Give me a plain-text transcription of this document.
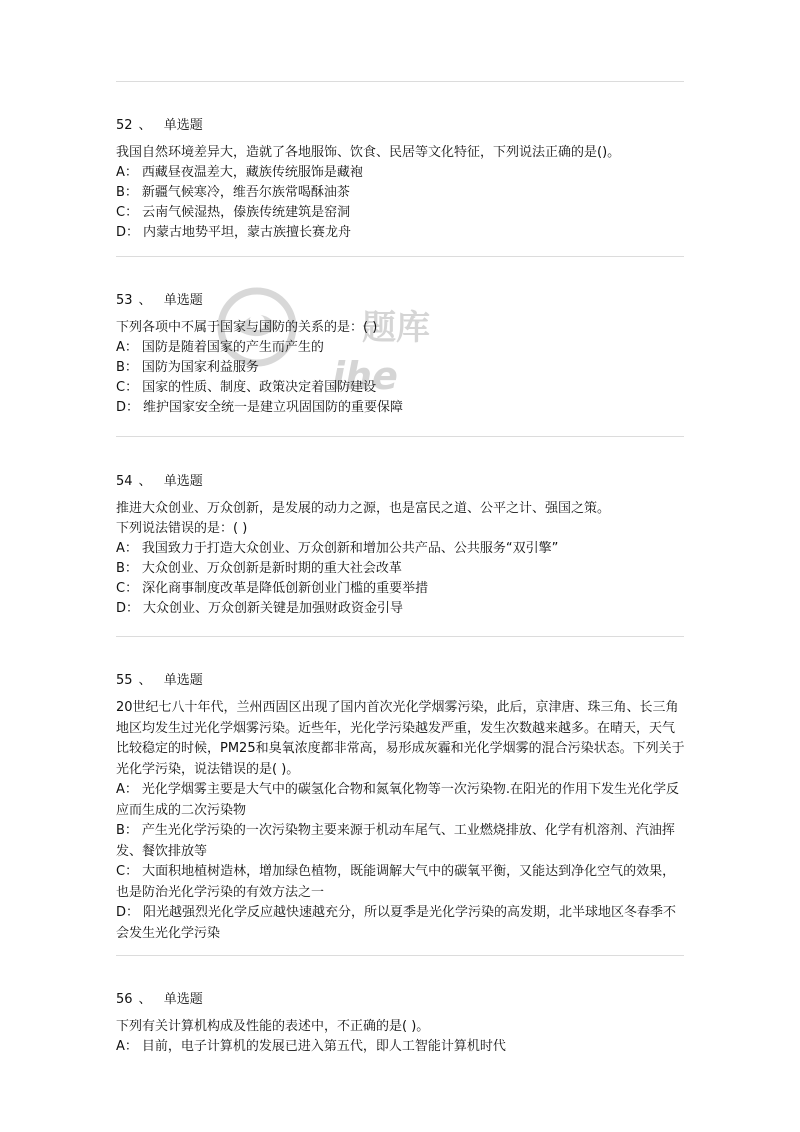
题库
ihe
52 、 单选题
我国自然环境差异大，造就了各地服饰、饮食、民居等文化特征，下列说法正确的是()。
A： 西藏昼夜温差大，藏族传统服饰是藏袍
B： 新疆气候寒冷，维吾尔族常喝酥油茶
C： 云南气候湿热，傣族传统建筑是窑洞
D： 内蒙古地势平坦，蒙古族擅长赛龙舟
53 、 单选题
下列各项中不属于国家与国防的关系的是：( )
A： 国防是随着国家的产生而产生的
B： 国防为国家利益服务
C： 国家的性质、制度、政策决定着国防建设
D： 维护国家安全统一是建立巩固国防的重要保障
54 、 单选题
推进大众创业、万众创新，是发展的动力之源，也是富民之道、公平之计、强国之策。
下列说法错误的是：( )
A： 我国致力于打造大众创业、万众创新和增加公共产品、公共服务“双引擎”
B： 大众创业、万众创新是新时期的重大社会改革
C： 深化商事制度改革是降低创新创业门槛的重要举措
D： 大众创业、万众创新关键是加强财政资金引导
55 、 单选题
20世纪七八十年代，兰州西固区出现了国内首次光化学烟雾污染，此后，京津唐、珠三角、长三角地区均发生过光化学烟雾污染。近些年，光化学污染越发严重，发生次数越来越多。在晴天，天气比较稳定的时候，PM25和臭氧浓度都非常高，易形成灰霾和光化学烟雾的混合污染状态。下列关于光化学污染，说法错误的是( )。
A： 光化学烟雾主要是大气中的碳氢化合物和氮氧化物等一次污染物.在阳光的作用下发生光化学反应而生成的二次污染物
B： 产生光化学污染的一次污染物主要来源于机动车尾气、工业燃烧排放、化学有机溶剂、汽油挥发、餐饮排放等
C： 大面积地植树造林，增加绿色植物，既能调解大气中的碳氧平衡，又能达到净化空气的效果，也是防治光化学污染的有效方法之一
D： 阳光越强烈光化学反应越快速越充分，所以夏季是光化学污染的高发期，北半球地区冬春季不会发生光化学污染
56 、 单选题
下列有关计算机构成及性能的表述中，不正确的是( )。
A： 目前，电子计算机的发展已进入第五代，即人工智能计算机时代
